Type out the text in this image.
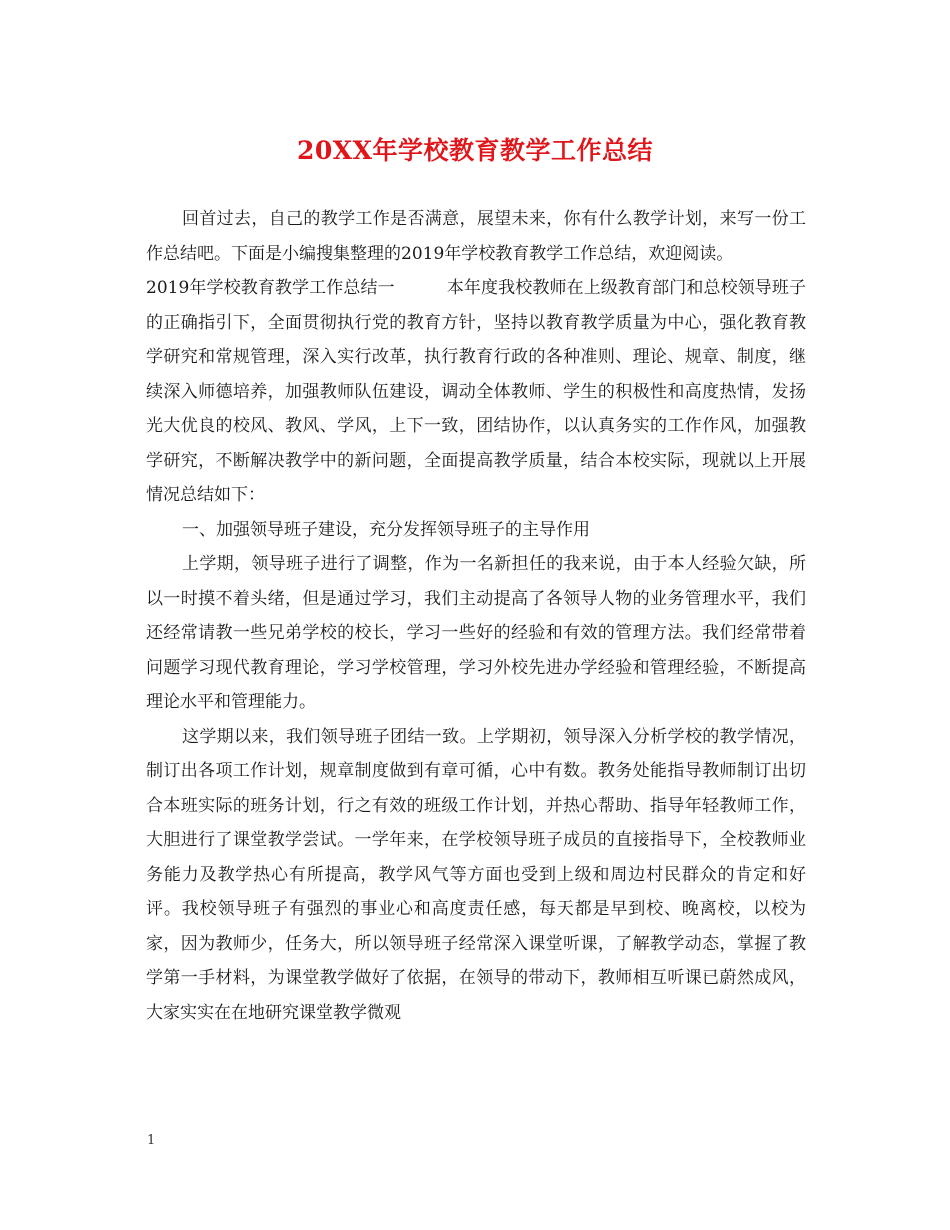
20XX年学校教育教学工作总结

回首过去，自己的教学工作是否满意，展望未来，你有什么教学计划，来写一份工作总结吧。下面是小编搜集整理的2019年学校教育教学工作总结，欢迎阅读。

2019年学校教育教学工作总结一	本年度我校教师在上级教育部门和总校领导班子的正确指引下，全面贯彻执行党的教育方针，坚持以教育教学质量为中心，强化教育教学研究和常规管理，深入实行改革，执行教育行政的各种准则、理论、规章、制度，继续深入师德培养，加强教师队伍建设，调动全体教师、学生的积极性和高度热情，发扬光大优良的校风、教风、学风，上下一致，团结协作，以认真务实的工作作风，加强教学研究，不断解决教学中的新问题，全面提高教学质量，结合本校实际，现就以上开展情况总结如下：

一、加强领导班子建设，充分发挥领导班子的主导作用

上学期，领导班子进行了调整，作为一名新担任的我来说，由于本人经验欠缺，所以一时摸不着头绪，但是通过学习，我们主动提高了各领导人物的业务管理水平，我们还经常请教一些兄弟学校的校长，学习一些好的经验和有效的管理方法。我们经常带着问题学习现代教育理论，学习学校管理，学习外校先进办学经验和管理经验，不断提高理论水平和管理能力。

这学期以来，我们领导班子团结一致。上学期初，领导深入分析学校的教学情况，制订出各项工作计划，规章制度做到有章可循，心中有数。教务处能指导教师制订出切合本班实际的班务计划，行之有效的班级工作计划，并热心帮助、指导年轻教师工作，大胆进行了课堂教学尝试。一学年来，在学校领导班子成员的直接指导下，全校教师业务能力及教学热心有所提高，教学风气等方面也受到上级和周边村民群众的肯定和好评。我校领导班子有强烈的事业心和高度责任感，每天都是早到校、晚离校，以校为家，因为教师少，任务大，所以领导班子经常深入课堂听课，了解教学动态，掌握了教学第一手材料，为课堂教学做好了依据，在领导的带动下，教师相互听课已蔚然成风，大家实实在在地研究课堂教学微观

1
